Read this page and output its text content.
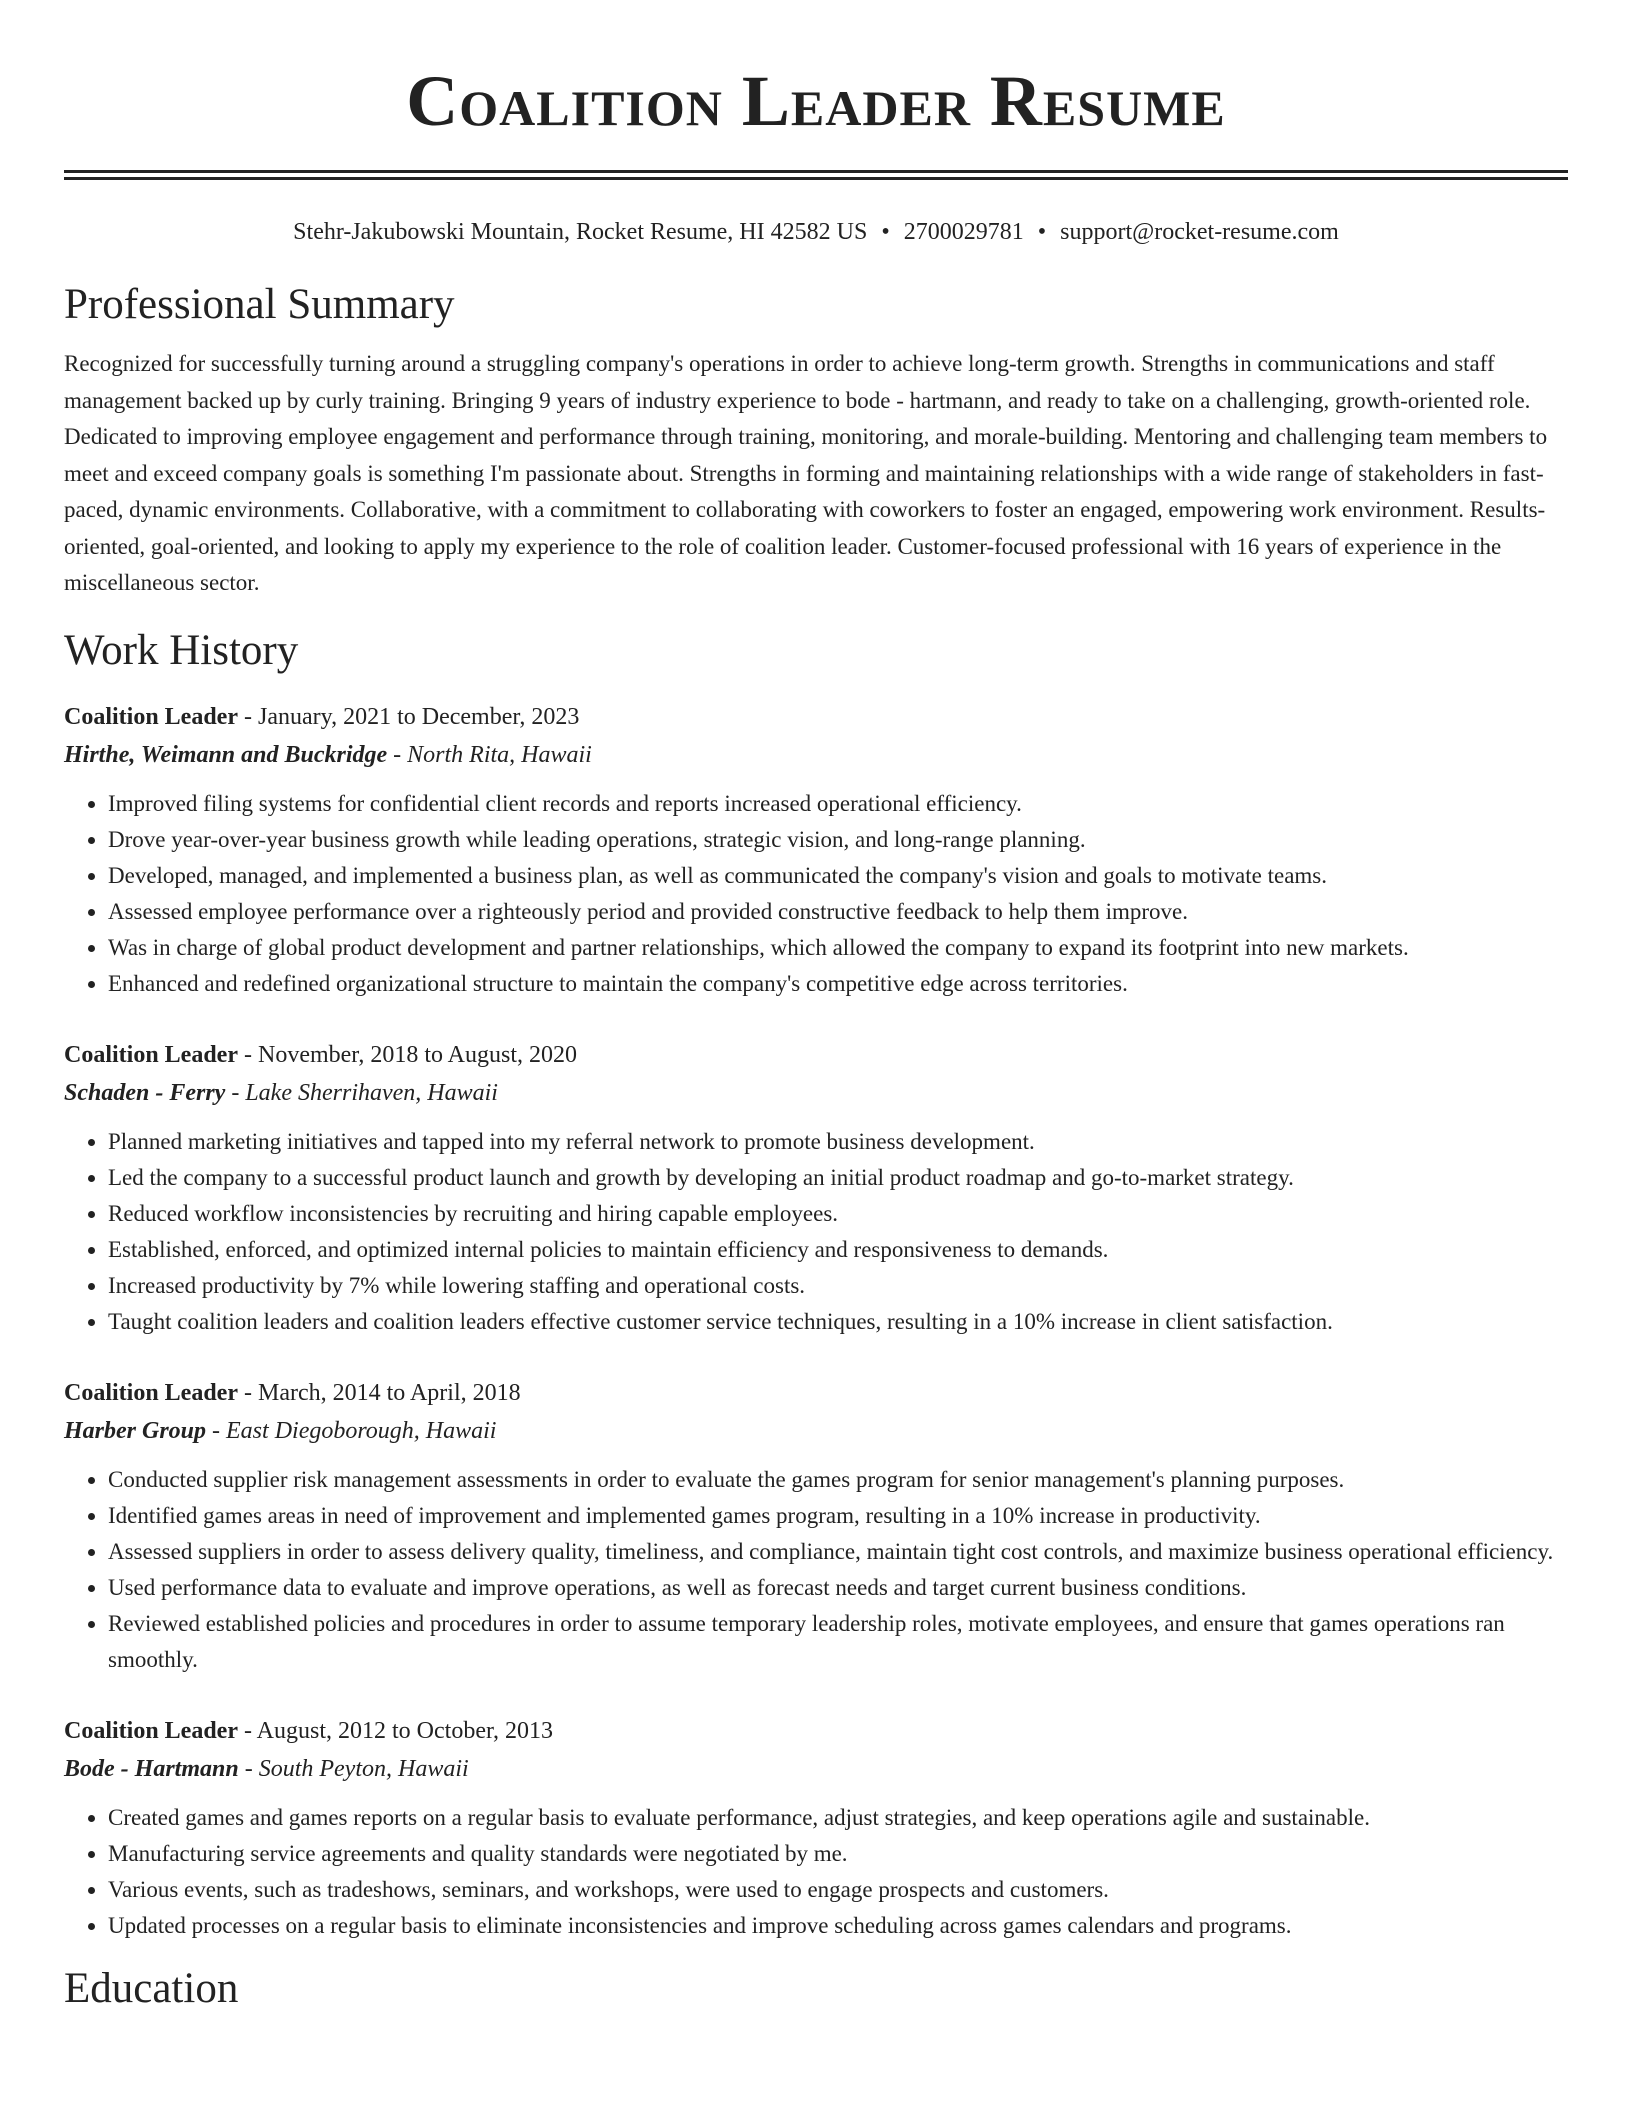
Coalition Leader Resume
Stehr-Jakubowski Mountain, Rocket Resume, HI 42582 US • 2700029781 • support@rocket-resume.com
Professional Summary

Recognized for successfully turning around a struggling company's operations in order to achieve long-term growth. Strengths in communications and staff management backed up by curly training. Bringing 9 years of industry experience to bode - hartmann, and ready to take on a challenging, growth-oriented role. Dedicated to improving employee engagement and performance through training, monitoring, and morale-building. Mentoring and challenging team members to meet and exceed company goals is something I'm passionate about. Strengths in forming and maintaining relationships with a wide range of stakeholders in fast-paced, dynamic environments. Collaborative, with a commitment to collaborating with coworkers to foster an engaged, empowering work environment. Results-oriented, goal-oriented, and looking to apply my experience to the role of coalition leader. Customer-focused professional with 16 years of experience in the miscellaneous sector.

Work History
Coalition Leader - January, 2021 to December, 2023
Hirthe, Weimann and Buckridge - North Rita, Hawaii
• Improved filing systems for confidential client records and reports increased operational efficiency.
• Drove year-over-year business growth while leading operations, strategic vision, and long-range planning.
• Developed, managed, and implemented a business plan, as well as communicated the company's vision and goals to motivate teams.
• Assessed employee performance over a righteously period and provided constructive feedback to help them improve.
• Was in charge of global product development and partner relationships, which allowed the company to expand its footprint into new markets.
• Enhanced and redefined organizational structure to maintain the company's competitive edge across territories.
Coalition Leader - November, 2018 to August, 2020
Schaden - Ferry - Lake Sherrihaven, Hawaii
• Planned marketing initiatives and tapped into my referral network to promote business development.
• Led the company to a successful product launch and growth by developing an initial product roadmap and go-to-market strategy.
• Reduced workflow inconsistencies by recruiting and hiring capable employees.
• Established, enforced, and optimized internal policies to maintain efficiency and responsiveness to demands.
• Increased productivity by 7% while lowering staffing and operational costs.
• Taught coalition leaders and coalition leaders effective customer service techniques, resulting in a 10% increase in client satisfaction.
Coalition Leader - March, 2014 to April, 2018
Harber Group - East Diegoborough, Hawaii
• Conducted supplier risk management assessments in order to evaluate the games program for senior management's planning purposes.
• Identified games areas in need of improvement and implemented games program, resulting in a 10% increase in productivity.
• Assessed suppliers in order to assess delivery quality, timeliness, and compliance, maintain tight cost controls, and maximize business operational efficiency.
• Used performance data to evaluate and improve operations, as well as forecast needs and target current business conditions.
• Reviewed established policies and procedures in order to assume temporary leadership roles, motivate employees, and ensure that games operations ran smoothly.
Coalition Leader - August, 2012 to October, 2013
Bode - Hartmann - South Peyton, Hawaii
• Created games and games reports on a regular basis to evaluate performance, adjust strategies, and keep operations agile and sustainable.
• Manufacturing service agreements and quality standards were negotiated by me.
• Various events, such as tradeshows, seminars, and workshops, were used to engage prospects and customers.
• Updated processes on a regular basis to eliminate inconsistencies and improve scheduling across games calendars and programs.
Education
